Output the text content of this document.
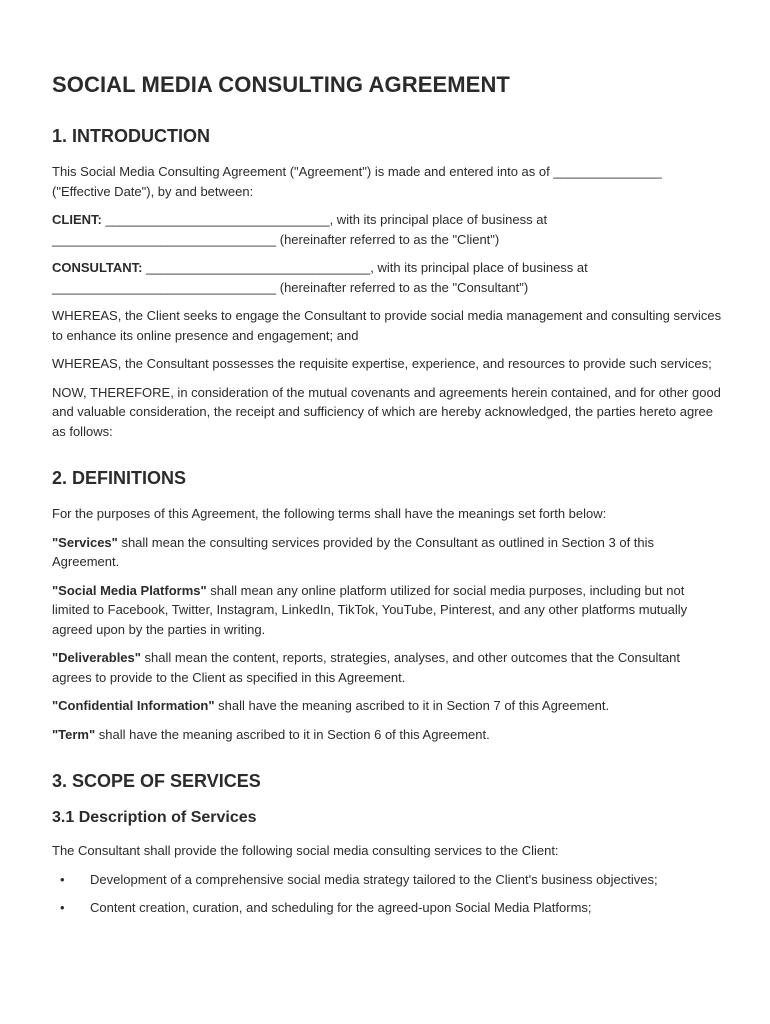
SOCIAL MEDIA CONSULTING AGREEMENT
1. INTRODUCTION

This Social Media Consulting Agreement ("Agreement") is made and entered into as of _______________ ("Effective Date"), by and between:

CLIENT: _______________________________, with its principal place of business at _______________________________ (hereinafter referred to as the "Client")

CONSULTANT: _______________________________, with its principal place of business at _______________________________ (hereinafter referred to as the "Consultant")

WHEREAS, the Client seeks to engage the Consultant to provide social media management and consulting services to enhance its online presence and engagement; and

WHEREAS, the Consultant possesses the requisite expertise, experience, and resources to provide such services;

NOW, THEREFORE, in consideration of the mutual covenants and agreements herein contained, and for other good and valuable consideration, the receipt and sufficiency of which are hereby acknowledged, the parties hereto agree as follows:

2. DEFINITIONS

For the purposes of this Agreement, the following terms shall have the meanings set forth below:

"Services" shall mean the consulting services provided by the Consultant as outlined in Section 3 of this Agreement.

"Social Media Platforms" shall mean any online platform utilized for social media purposes, including but not limited to Facebook, Twitter, Instagram, LinkedIn, TikTok, YouTube, Pinterest, and any other platforms mutually agreed upon by the parties in writing.

"Deliverables" shall mean the content, reports, strategies, analyses, and other outcomes that the Consultant agrees to provide to the Client as specified in this Agreement.

"Confidential Information" shall have the meaning ascribed to it in Section 7 of this Agreement.

"Term" shall have the meaning ascribed to it in Section 6 of this Agreement.

3. SCOPE OF SERVICES
3.1 Description of Services

The Consultant shall provide the following social media consulting services to the Client:

• Development of a comprehensive social media strategy tailored to the Client's business objectives;
• Content creation, curation, and scheduling for the agreed-upon Social Media Platforms;
